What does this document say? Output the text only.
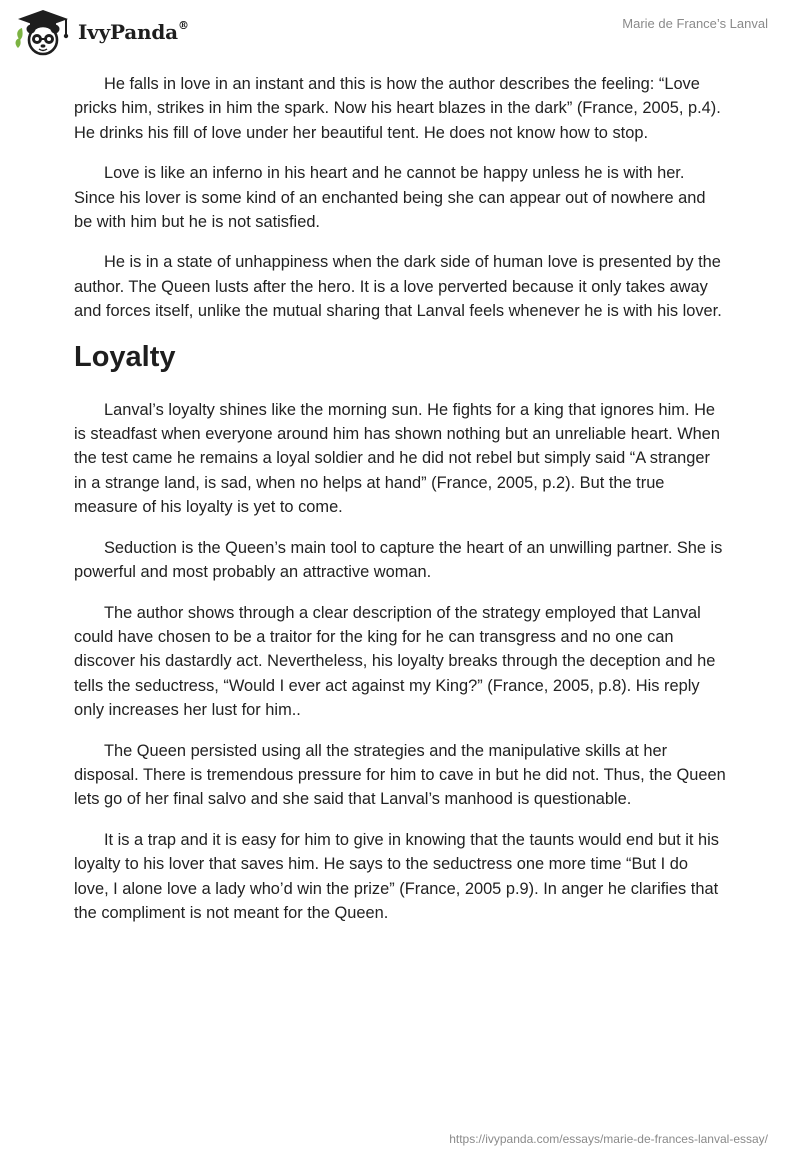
IvyPanda®	Marie de France’s Lanval

He falls in love in an instant and this is how the author describes the feeling: “Love pricks him, strikes in him the spark. Now his heart blazes in the dark” (France, 2005, p.4). He drinks his fill of love under her beautiful tent. He does not know how to stop.

Love is like an inferno in his heart and he cannot be happy unless he is with her. Since his lover is some kind of an enchanted being she can appear out of nowhere and be with him but he is not satisfied.

He is in a state of unhappiness when the dark side of human love is presented by the author. The Queen lusts after the hero. It is a love perverted because it only takes away and forces itself, unlike the mutual sharing that Lanval feels whenever he is with his lover.

Loyalty

Lanval’s loyalty shines like the morning sun. He fights for a king that ignores him. He is steadfast when everyone around him has shown nothing but an unreliable heart. When the test came he remains a loyal soldier and he did not rebel but simply said “A stranger in a strange land, is sad, when no helps at hand” (France, 2005, p.2). But the true measure of his loyalty is yet to come.

Seduction is the Queen’s main tool to capture the heart of an unwilling partner. She is powerful and most probably an attractive woman.

The author shows through a clear description of the strategy employed that Lanval could have chosen to be a traitor for the king for he can transgress and no one can discover his dastardly act. Nevertheless, his loyalty breaks through the deception and he tells the seductress, “Would I ever act against my King?” (France, 2005, p.8). His reply only increases her lust for him..

The Queen persisted using all the strategies and the manipulative skills at her disposal. There is tremendous pressure for him to cave in but he did not. Thus, the Queen lets go of her final salvo and she said that Lanval’s manhood is questionable.

It is a trap and it is easy for him to give in knowing that the taunts would end but it his loyalty to his lover that saves him. He says to the seductress one more time “But I do love, I alone love a lady who’d win the prize” (France, 2005 p.9). In anger he clarifies that the compliment is not meant for the Queen.

https://ivypanda.com/essays/marie-de-frances-lanval-essay/
